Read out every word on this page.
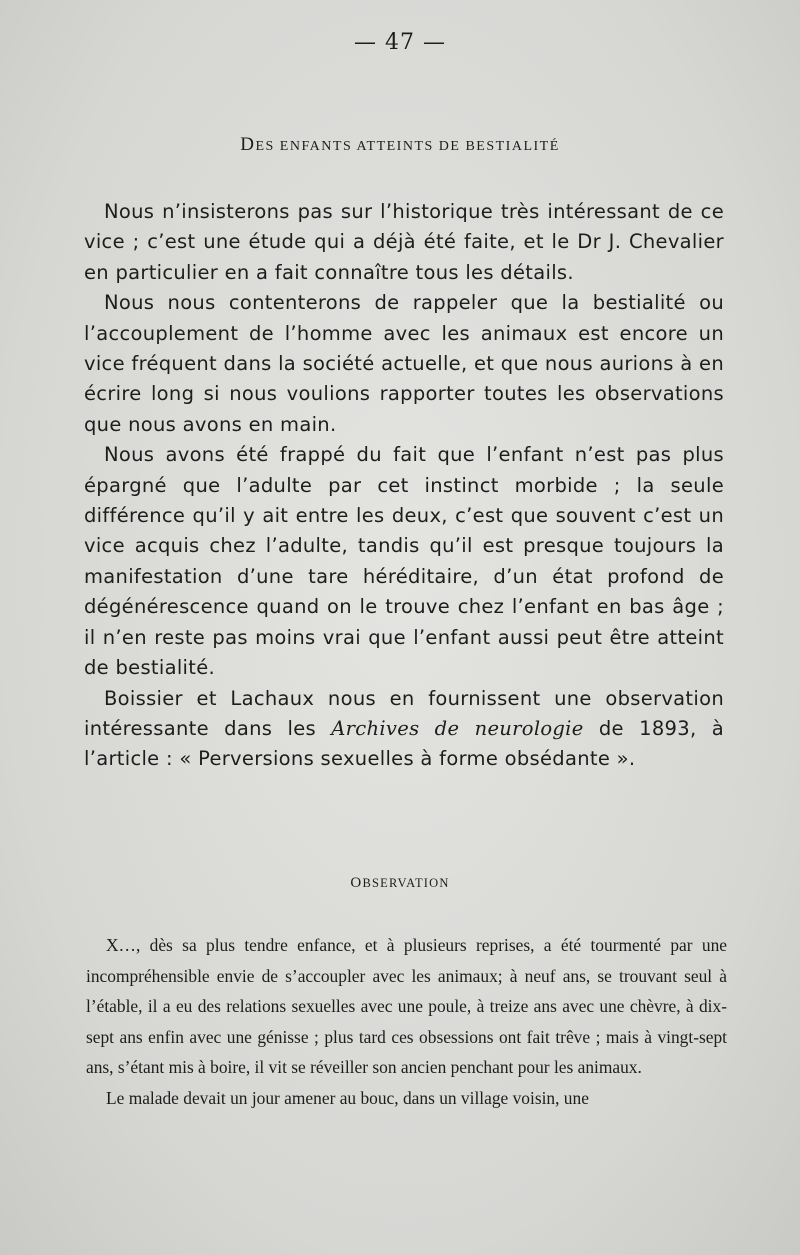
— 47 —
DES ENFANTS ATTEINTS DE BESTIALITÉ

Nous n’insisterons pas sur l’historique très intéressant de ce vice ; c’est une étude qui a déjà été faite, et le Dr J. Chevalier en particulier en a fait connaître tous les détails.

Nous nous contenterons de rappeler que la bestialité ou l’accouplement de l’homme avec les animaux est encore un vice fréquent dans la société actuelle, et que nous aurions à en écrire long si nous voulions rapporter toutes les observations que nous avons en main.

Nous avons été frappé du fait que l’enfant n’est pas plus épargné que l’adulte par cet instinct morbide ; la seule différence qu’il y ait entre les deux, c’est que souvent c’est un vice acquis chez l’adulte, tandis qu’il est presque toujours la manifestation d’une tare héréditaire, d’un état profond de dégénérescence quand on le trouve chez l’enfant en bas âge ; il n’en reste pas moins vrai que l’enfant aussi peut être atteint de bestialité.

Boissier et Lachaux nous en fournissent une observation intéressante dans les Archives de neurologie de 1893, à l’article : « Perversions sexuelles à forme obsédante ».

OBSERVATION

X…, dès sa plus tendre enfance, et à plusieurs reprises, a été tourmenté par une incompréhensible envie de s’accoupler avec les animaux; à neuf ans, se trouvant seul à l’étable, il a eu des relations sexuelles avec une poule, à treize ans avec une chèvre, à dix-sept ans enfin avec une génisse ; plus tard ces obsessions ont fait trêve ; mais à vingt-sept ans, s’étant mis à boire, il vit se réveiller son ancien penchant pour les animaux.

Le malade devait un jour amener au bouc, dans un village voisin, une
